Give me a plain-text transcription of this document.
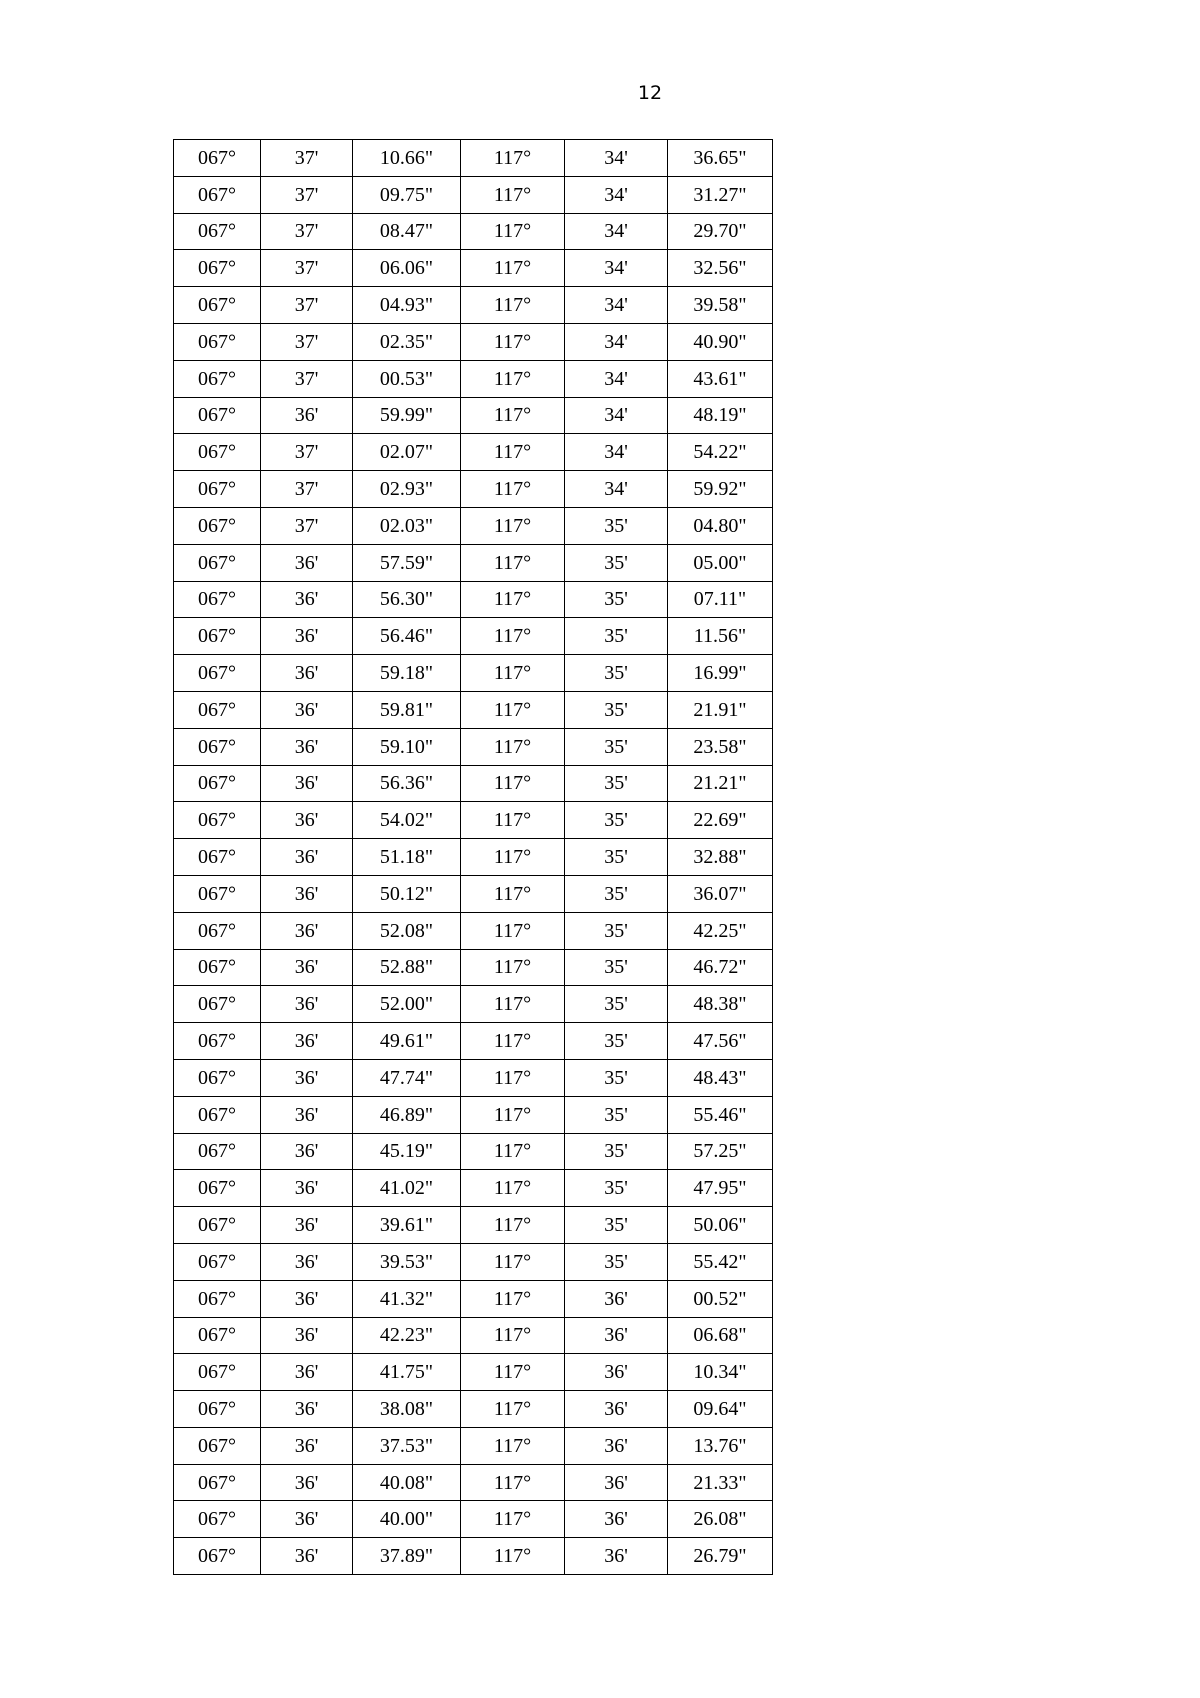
12
067°	37'	10.66"	117°	34'	36.65"
067°	37'	09.75"	117°	34'	31.27"
067°	37'	08.47"	117°	34'	29.70"
067°	37'	06.06"	117°	34'	32.56"
067°	37'	04.93"	117°	34'	39.58"
067°	37'	02.35"	117°	34'	40.90"
067°	37'	00.53"	117°	34'	43.61"
067°	36'	59.99"	117°	34'	48.19"
067°	37'	02.07"	117°	34'	54.22"
067°	37'	02.93"	117°	34'	59.92"
067°	37'	02.03"	117°	35'	04.80"
067°	36'	57.59"	117°	35'	05.00"
067°	36'	56.30"	117°	35'	07.11"
067°	36'	56.46"	117°	35'	11.56"
067°	36'	59.18"	117°	35'	16.99"
067°	36'	59.81"	117°	35'	21.91"
067°	36'	59.10"	117°	35'	23.58"
067°	36'	56.36"	117°	35'	21.21"
067°	36'	54.02"	117°	35'	22.69"
067°	36'	51.18"	117°	35'	32.88"
067°	36'	50.12"	117°	35'	36.07"
067°	36'	52.08"	117°	35'	42.25"
067°	36'	52.88"	117°	35'	46.72"
067°	36'	52.00"	117°	35'	48.38"
067°	36'	49.61"	117°	35'	47.56"
067°	36'	47.74"	117°	35'	48.43"
067°	36'	46.89"	117°	35'	55.46"
067°	36'	45.19"	117°	35'	57.25"
067°	36'	41.02"	117°	35'	47.95"
067°	36'	39.61"	117°	35'	50.06"
067°	36'	39.53"	117°	35'	55.42"
067°	36'	41.32"	117°	36'	00.52"
067°	36'	42.23"	117°	36'	06.68"
067°	36'	41.75"	117°	36'	10.34"
067°	36'	38.08"	117°	36'	09.64"
067°	36'	37.53"	117°	36'	13.76"
067°	36'	40.08"	117°	36'	21.33"
067°	36'	40.00"	117°	36'	26.08"
067°	36'	37.89"	117°	36'	26.79"
